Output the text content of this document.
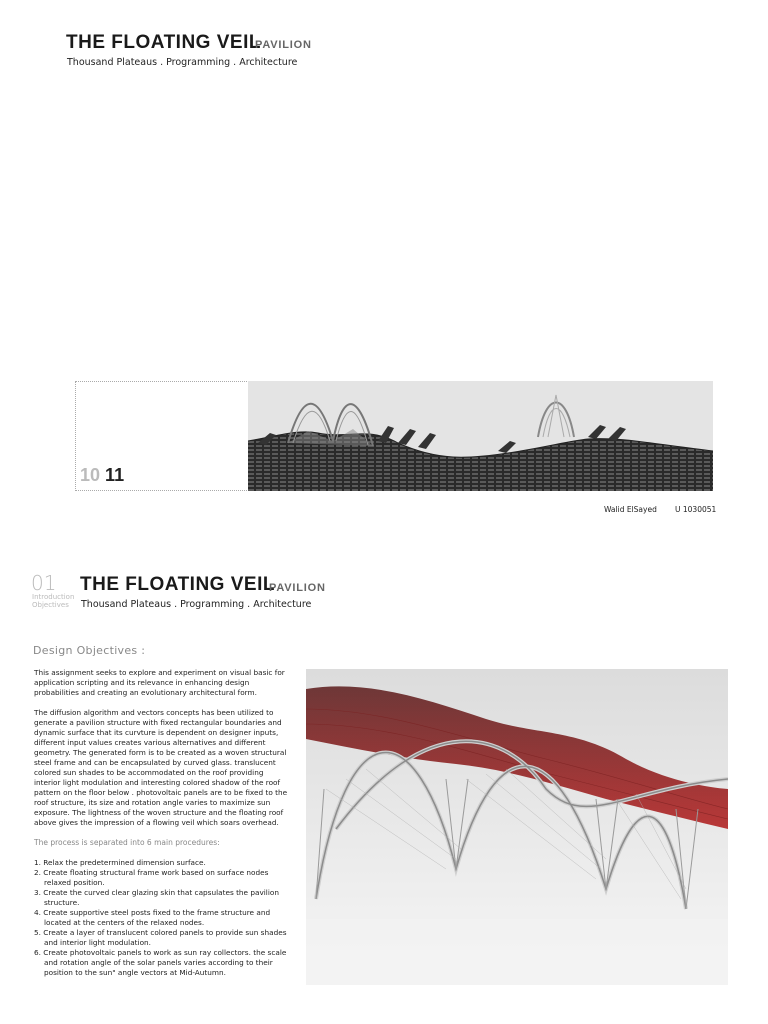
THE FLOATING VEIL
PAVILION
Thousand Plateaus . Programming . Architecture
10 11
Walid ElSayed U 1030051
01
Introduction
Objectives
THE FLOATING VEIL
PAVILION
Thousand Plateaus . Programming . Architecture
Design Objectives :

This assignment seeks to explore and experiment on visual basic for application scripting and its relevance in enhancing design probabilities and creating an evolutionary architectural form.

The diffusion algorithm and vectors concepts has been utilized to generate a pavilion structure with fixed rectangular boundaries and dynamic surface that its curvture is dependent on designer inputs, different input values creates various alternatives and different geometry. The generated form is to be created as a woven structural steel frame and can be encapsulated by curved glass. translucent colored sun shades to be accommodated on the roof providing interior light modulation and interesting colored shadow of the roof pattern on the floor below . photovoltaic panels are to be fixed to the roof structure, its size and rotation angle varies to maximize sun exposure. The lightness of the woven structure and the floating roof above gives the impression of a flowing veil which soars overhead.

The process is separated into 6 main procedures:

1. Relax the predetermined dimension surface.
2. Create floating structural frame work based on surface nodes relaxed position.
3. Create the curved clear glazing skin that capsulates the pavilion structure.
4. Create supportive steel posts fixed to the frame structure and located at the centers of the relaxed nodes.
5. Create a layer of translucent colored panels to provide sun shades and interior light modulation.
6. Create photovoltaic panels to work as sun ray collectors. the scale and rotation angle of the solar panels varies according to their position to the sun" angle vectors at Mid-Autumn.
